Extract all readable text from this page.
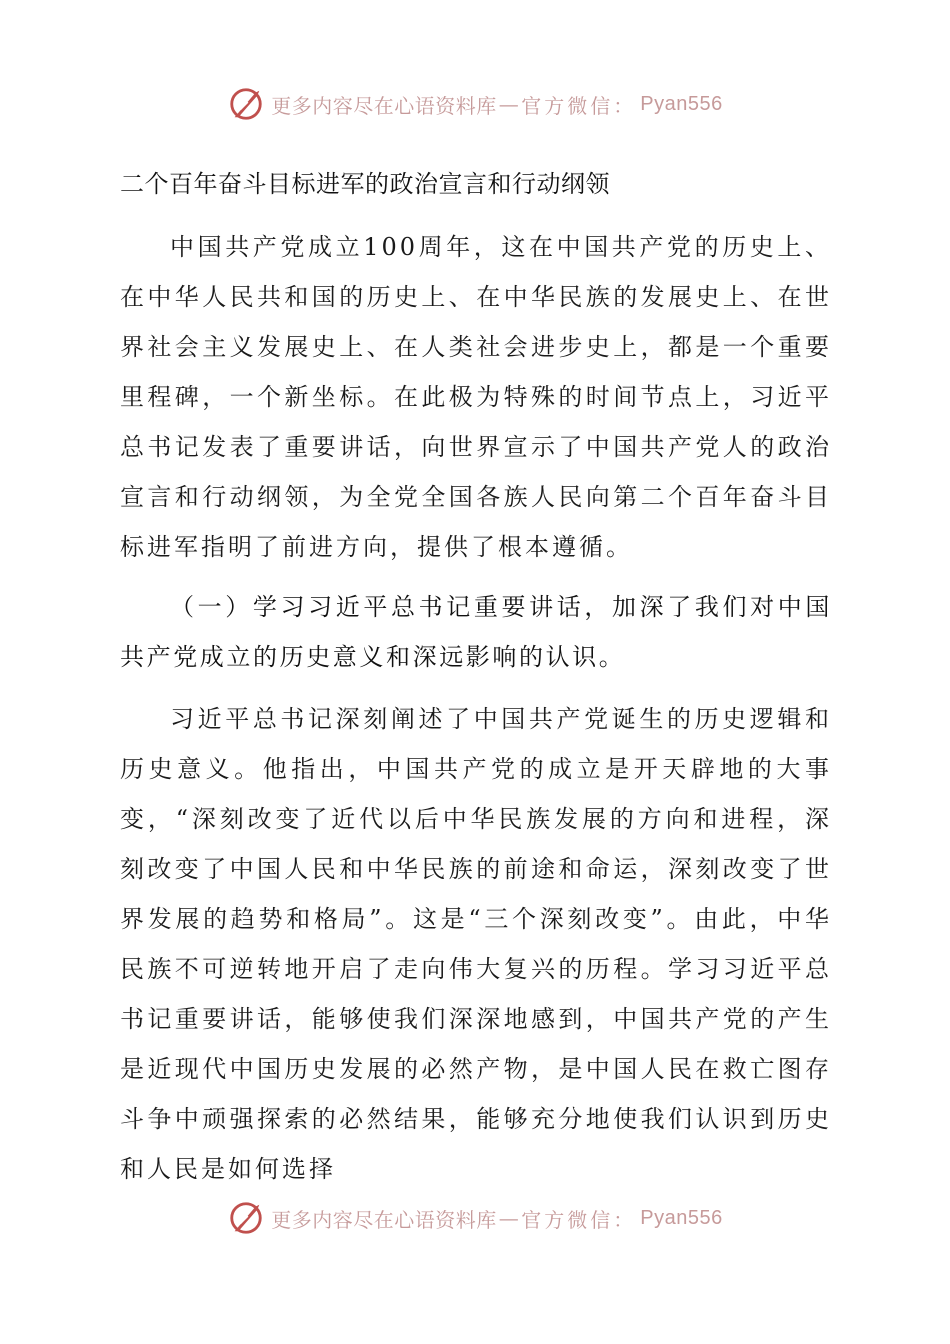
更多内容尽在心语资料库 — 官方微信： Pyan556
二个百年奋斗目标进军的政治宣言和行动纲领

中国共产党成立100周年，这在中国共产党的历史上、在中华人民共和国的历史上、在中华民族的发展史上、在世界社会主义发展史上、在人类社会进步史上，都是一个重要里程碑，一个新坐标。在此极为特殊的时间节点上，习近平总书记发表了重要讲话，向世界宣示了中国共产党人的政治宣言和行动纲领，为全党全国各族人民向第二个百年奋斗目标进军指明了前进方向，提供了根本遵循。

（一）学习习近平总书记重要讲话，加深了我们对中国共产党成立的历史意义和深远影响的认识。

习近平总书记深刻阐述了中国共产党诞生的历史逻辑和历史意义。他指出，中国共产党的成立是开天辟地的大事变，“深刻改变了近代以后中华民族发展的方向和进程，深刻改变了中国人民和中华民族的前途和命运，深刻改变了世界发展的趋势和格局”。这是“三个深刻改变”。由此，中华民族不可逆转地开启了走向伟大复兴的历程。学习习近平总书记重要讲话，能够使我们深深地感到，中国共产党的产生是近现代中国历史发展的必然产物，是中国人民在救亡图存斗争中顽强探索的必然结果，能够充分地使我们认识到历史和人民是如何选择

更多内容尽在心语资料库 — 官方微信： Pyan556
